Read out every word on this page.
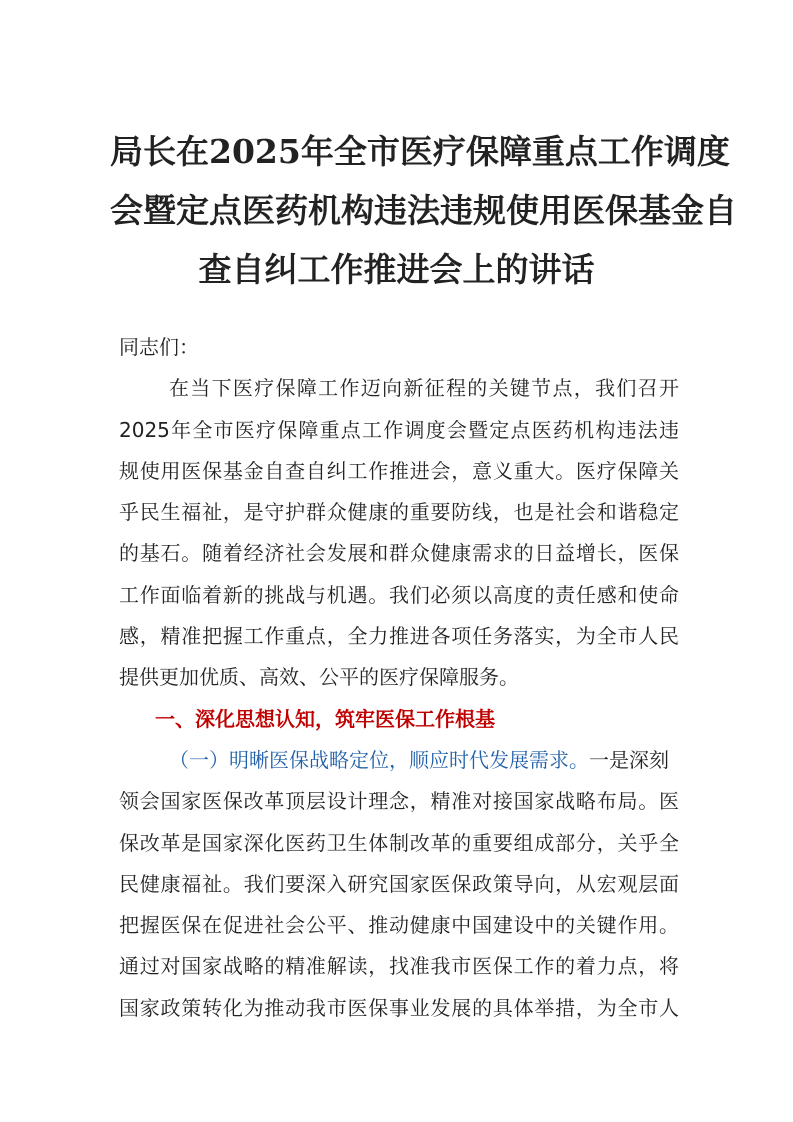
局长在2025年全市医疗保障重点工作调度
会暨定点医药机构违法违规使用医保基金自
查自纠工作推进会上的讲话
同志们：
在当下医疗保障工作迈向新征程的关键节点，我们召开
2025年全市医疗保障重点工作调度会暨定点医药机构违法违
规使用医保基金自查自纠工作推进会，意义重大。医疗保障关
乎民生福祉，是守护群众健康的重要防线，也是社会和谐稳定
的基石。随着经济社会发展和群众健康需求的日益增长，医保
工作面临着新的挑战与机遇。我们必须以高度的责任感和使命
感，精准把握工作重点，全力推进各项任务落实，为全市人民
提供更加优质、高效、公平的医疗保障服务。
一、深化思想认知，筑牢医保工作根基
（一）明晰医保战略定位，顺应时代发展需求。一是深刻
领会国家医保改革顶层设计理念，精准对接国家战略布局。医
保改革是国家深化医药卫生体制改革的重要组成部分，关乎全
民健康福祉。我们要深入研究国家医保政策导向，从宏观层面
把握医保在促进社会公平、推动健康中国建设中的关键作用。
通过对国家战略的精准解读，找准我市医保工作的着力点，将
国家政策转化为推动我市医保事业发展的具体举措，为全市人
